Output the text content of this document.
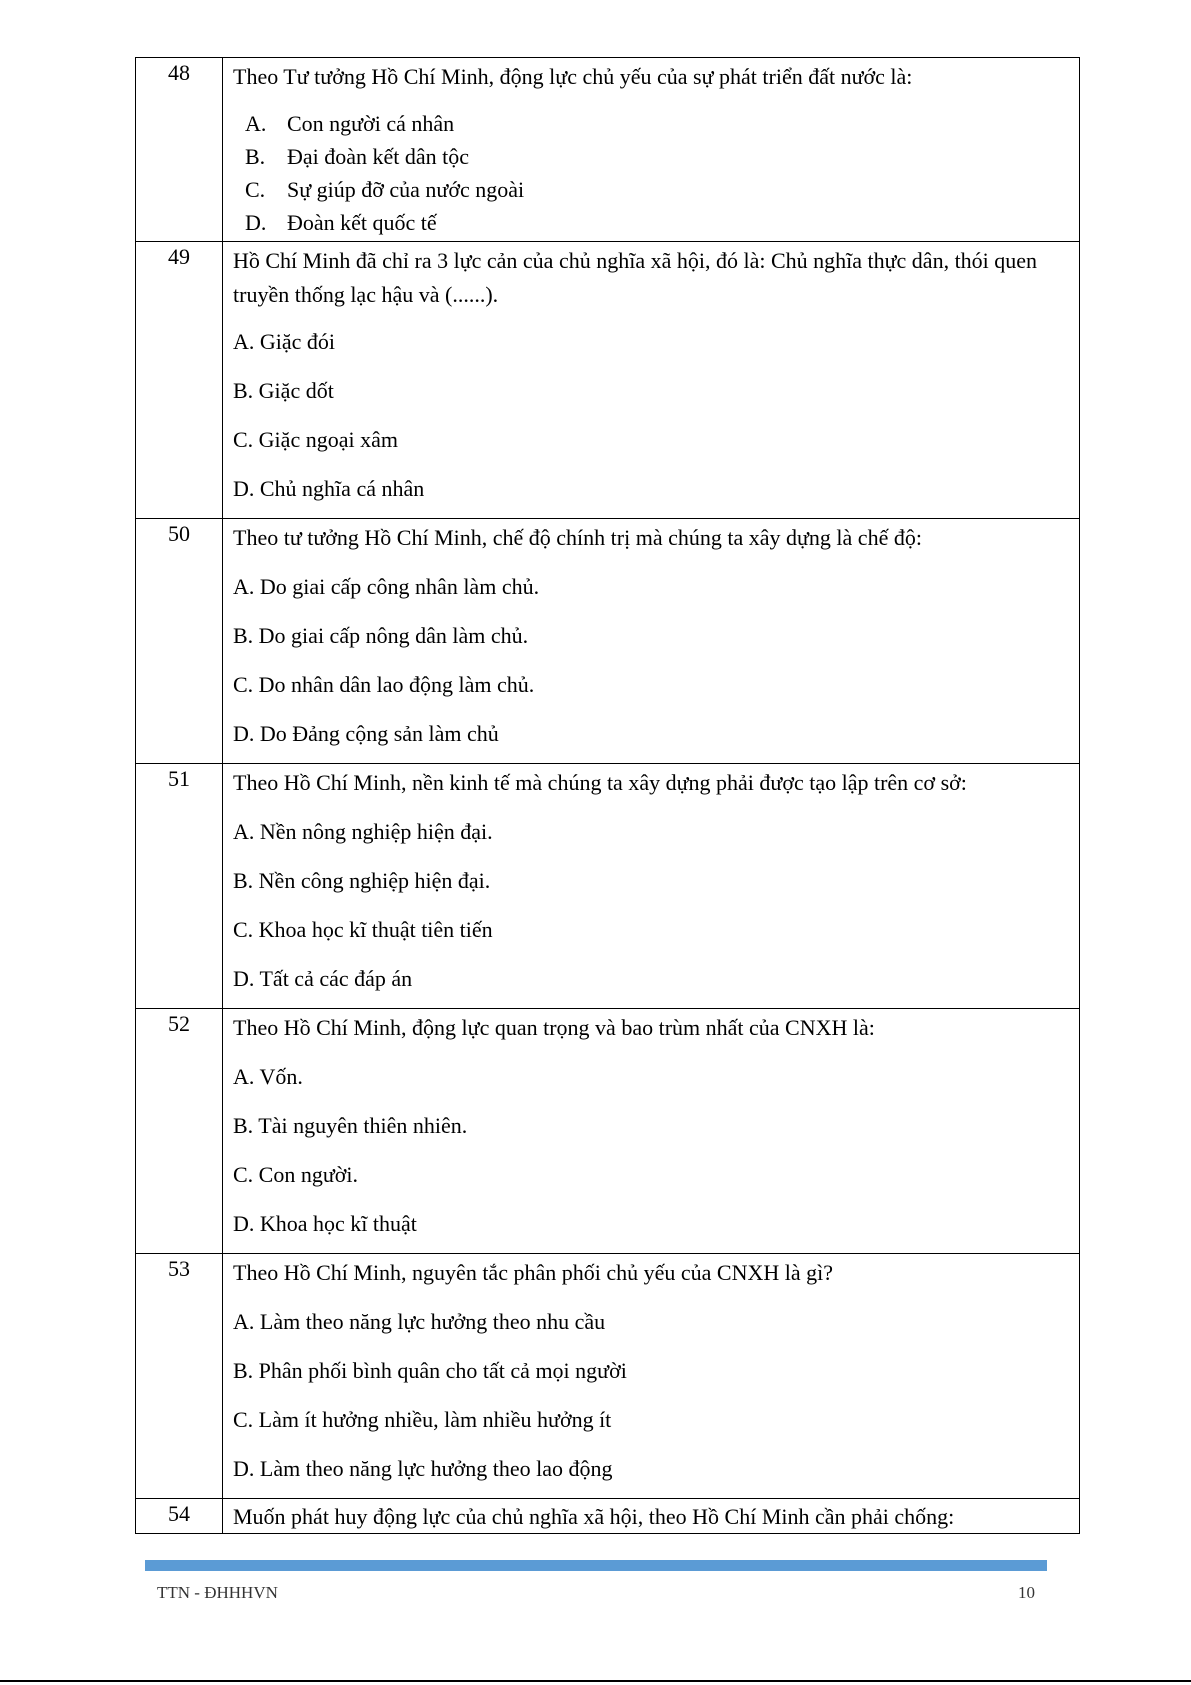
48	Theo Tư tưởng Hồ Chí Minh, động lực chủ yếu của sự phát triển đất nước là:
A. Con người cá nhân
B. Đại đoàn kết dân tộc
C. Sự giúp đỡ của nước ngoài
D. Đoàn kết quốc tế

49	Hồ Chí Minh đã chỉ ra 3 lực cản của chủ nghĩa xã hội, đó là: Chủ nghĩa thực dân, thói quen truyền thống lạc hậu và (......).
A. Giặc đói
B. Giặc dốt
C. Giặc ngoại xâm
D. Chủ nghĩa cá nhân

50	Theo tư tưởng Hồ Chí Minh, chế độ chính trị mà chúng ta xây dựng là chế độ:
A. Do giai cấp công nhân làm chủ.
B. Do giai cấp nông dân làm chủ.
C. Do nhân dân lao động làm chủ.
D. Do Đảng cộng sản làm chủ

51	Theo Hồ Chí Minh, nền kinh tế mà chúng ta xây dựng phải được tạo lập trên cơ sở:
A. Nền nông nghiệp hiện đại.
B. Nền công nghiệp hiện đại.
C. Khoa học kĩ thuật tiên tiến
D. Tất cả các đáp án

52	Theo Hồ Chí Minh, động lực quan trọng và bao trùm nhất của CNXH là:
A. Vốn.
B. Tài nguyên thiên nhiên.
C. Con người.
D. Khoa học kĩ thuật

53	Theo Hồ Chí Minh, nguyên tắc phân phối chủ yếu của CNXH là gì?
A. Làm theo năng lực hưởng theo nhu cầu
B. Phân phối bình quân cho tất cả mọi người
C. Làm ít hưởng nhiều, làm nhiều hưởng ít
D. Làm theo năng lực hưởng theo lao động

54	Muốn phát huy động lực của chủ nghĩa xã hội, theo Hồ Chí Minh cần phải chống:
TTN - ĐHHHVN	10
